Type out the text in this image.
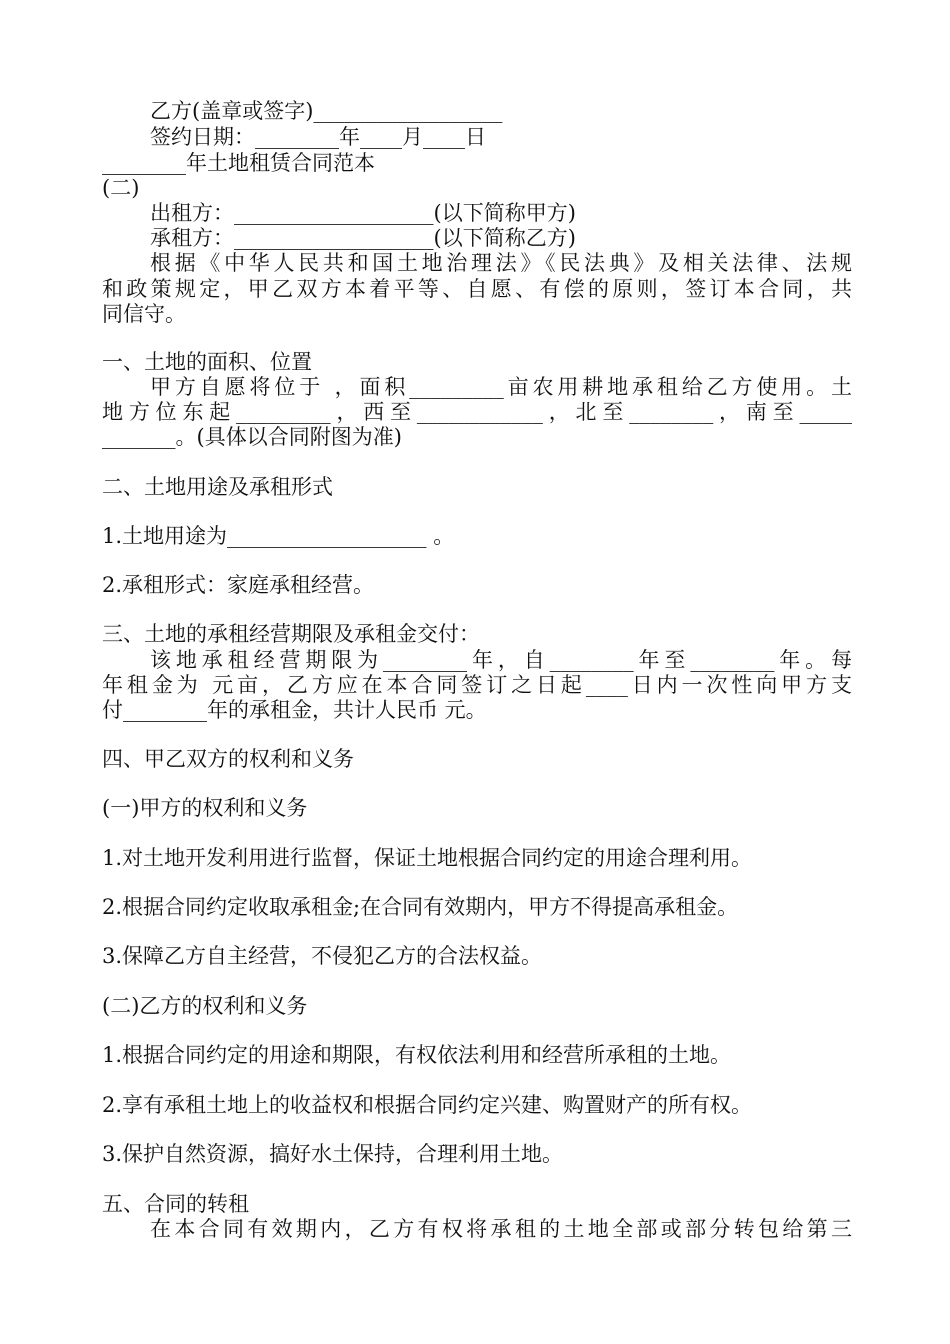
乙方(盖章或签字)__________________
签约日期：________年____月____日
________年土地租赁合同范本
(二)
出租方：___________________(以下简称甲方)
承租方：___________________(以下简称乙方)
根据《中华人民共和国土地治理法》《民法典》及相关法律、法规
和政策规定，甲乙双方本着平等、自愿、有偿的原则，签订本合同，共
同信守。
一、土地的面积、位置
甲方自愿将位于 ，面积_________亩农用耕地承租给乙方使用。土
地方位东起_________，西至____________，北至________，南至_____
_______。(具体以合同附图为准)
二、土地用途及承租形式
1.土地用途为___________________ 。
2.承租形式：家庭承租经营。
三、土地的承租经营期限及承租金交付：
该地承租经营期限为________年，自________年至________年。每
年租金为 元亩，乙方应在本合同签订之日起____日内一次性向甲方支
付________年的承租金，共计人民币 元。
四、甲乙双方的权利和义务
(一)甲方的权利和义务
1.对土地开发利用进行监督，保证土地根据合同约定的用途合理利用。
2.根据合同约定收取承租金;在合同有效期内，甲方不得提高承租金。
3.保障乙方自主经营，不侵犯乙方的合法权益。
(二)乙方的权利和义务
1.根据合同约定的用途和期限，有权依法利用和经营所承租的土地。
2.享有承租土地上的收益权和根据合同约定兴建、购置财产的所有权。
3.保护自然资源，搞好水土保持，合理利用土地。
五、合同的转租
在本合同有效期内，乙方有权将承租的土地全部或部分转包给第三
